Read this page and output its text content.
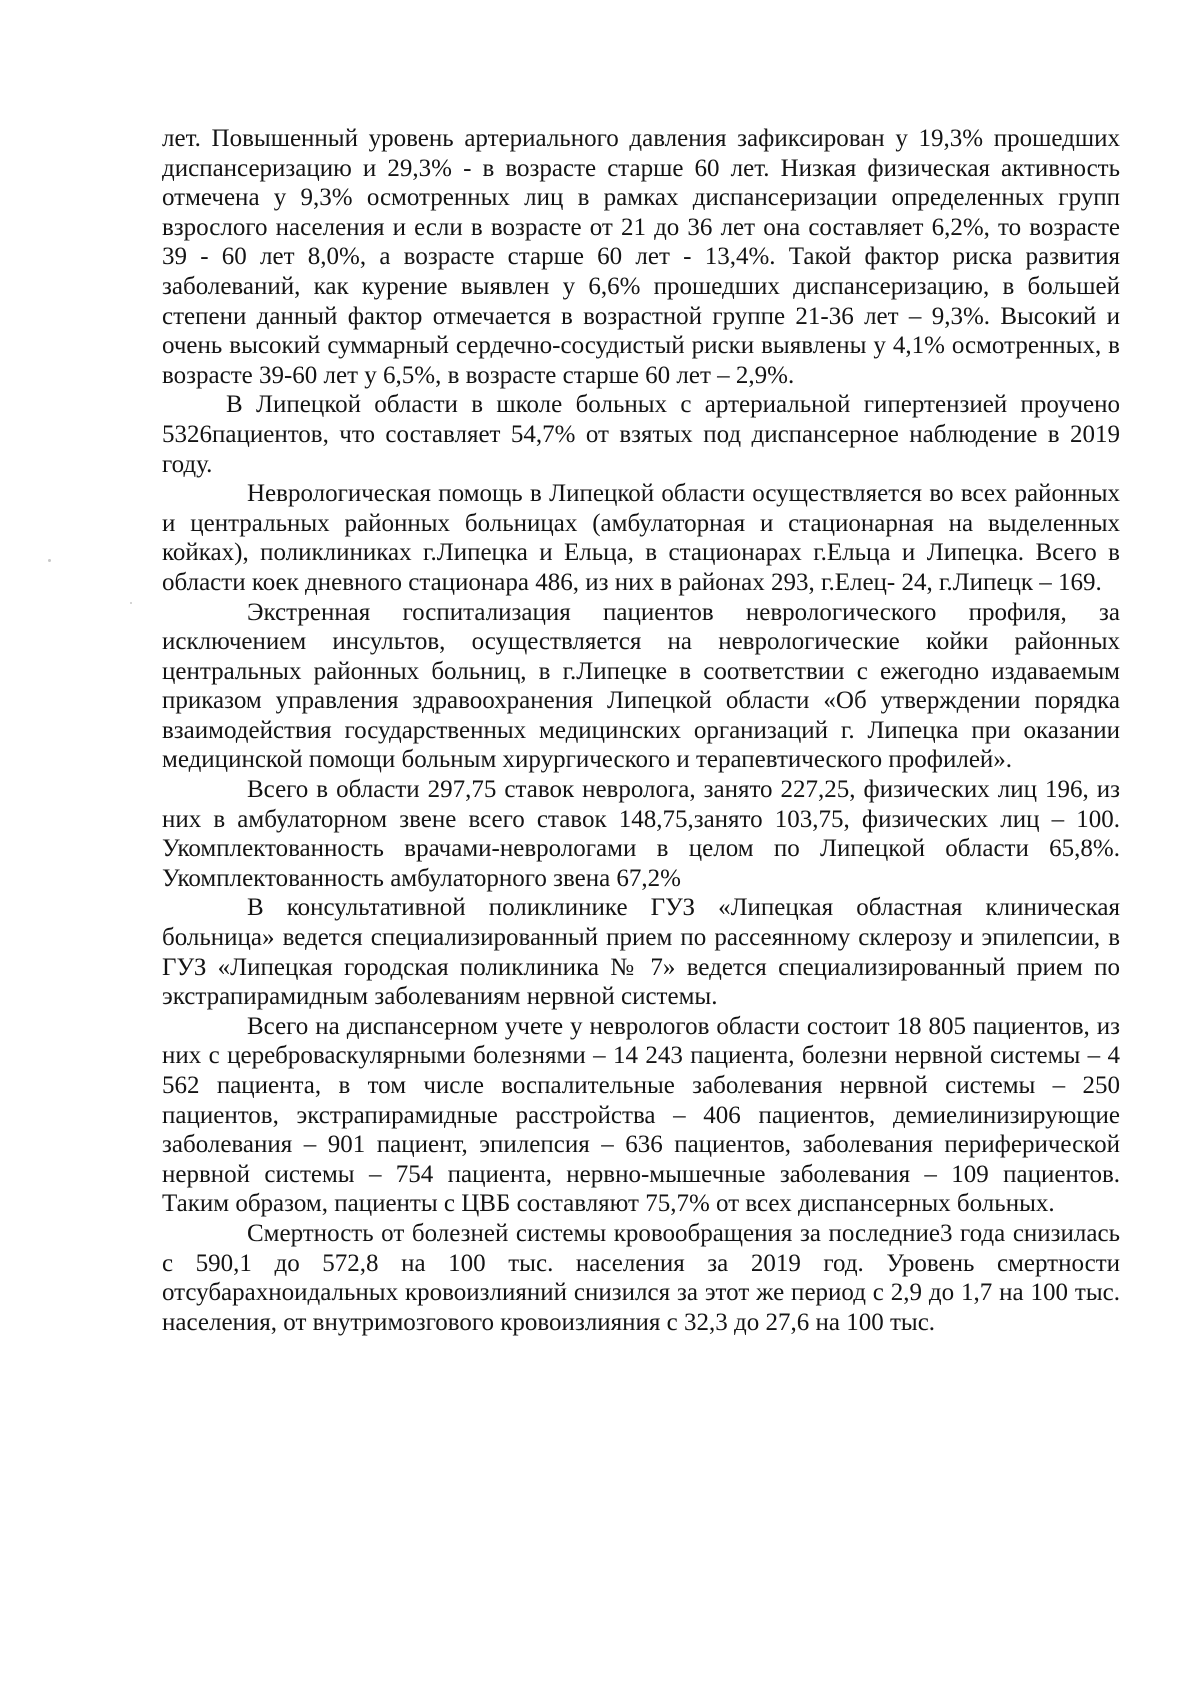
лет. Повышенный уровень артериального давления зафиксирован у 19,3% прошедших диспансеризацию и 29,3% - в возрасте старше 60 лет. Низкая физическая активность отмечена у 9,3% осмотренных лиц в рамках диспансеризации определенных групп взрослого населения и если в возрасте от 21 до 36 лет она составляет 6,2%, то возрасте 39 - 60 лет 8,0%, а возрасте старше 60 лет - 13,4%. Такой фактор риска развития заболеваний, как курение выявлен у 6,6% прошедших диспансеризацию, в большей степени данный фактор отмечается в возрастной группе 21-36 лет – 9,3%. Высокий и очень высокий суммарный сердечно-сосудистый риски выявлены у 4,1% осмотренных, в возрасте 39-60 лет у 6,5%, в возрасте старше 60 лет – 2,9%.

В Липецкой области в школе больных с артериальной гипертензией проучено 5326пациентов, что составляет 54,7% от взятых под диспансерное наблюдение в 2019 году.

Неврологическая помощь в Липецкой области осуществляется во всех районных и центральных районных больницах (амбулаторная и стационарная на выделенных койках), поликлиниках г.Липецка и Ельца, в стационарах г.Ельца и Липецка. Всего в области коек дневного стационара 486, из них в районах 293, г.Елец- 24, г.Липецк – 169.

Экстренная госпитализация пациентов неврологического профиля, за исключением инсультов, осуществляется на неврологические койки районных центральных районных больниц, в г.Липецке в соответствии с ежегодно издаваемым приказом управления здравоохранения Липецкой области «Об утверждении порядка взаимодействия государственных медицинских организаций г. Липецка при оказании медицинской помощи больным хирургического и терапевтического профилей».

Всего в области 297,75 ставок невролога, занято 227,25, физических лиц 196, из них в амбулаторном звене всего ставок 148,75,занято 103,75, физических лиц – 100. Укомплектованность врачами-неврологами в целом по Липецкой области 65,8%. Укомплектованность амбулаторного звена 67,2%

В консультативной поликлинике ГУЗ «Липецкая областная клиническая больница» ведется специализированный прием по рассеянному склерозу и эпилепсии, в ГУЗ «Липецкая городская поликлиника № 7» ведется специализированный прием по экстрапирамидным заболеваниям нервной системы.

Всего на диспансерном учете у неврологов области состоит 18 805 пациентов, из них с цереброваскулярными болезнями – 14 243 пациента, болезни нервной системы – 4 562 пациента, в том числе воспалительные заболевания нервной системы – 250 пациентов, экстрапирамидные расстройства – 406 пациентов, демиелинизирующие заболевания – 901 пациент, эпилепсия – 636 пациентов, заболевания периферической нервной системы – 754 пациента, нервно-мышечные заболевания – 109 пациентов. Таким образом, пациенты с ЦВБ составляют 75,7% от всех диспансерных больных.

Смертность от болезней системы кровообращения за последние3 года снизилась с 590,1 до 572,8 на 100 тыс. населения за 2019 год. Уровень смертности отсубарахноидальных кровоизлияний снизился за этот же период с 2,9 до 1,7 на 100 тыс. населения, от внутримозгового кровоизлияния с 32,3 до 27,6 на 100 тыс.
